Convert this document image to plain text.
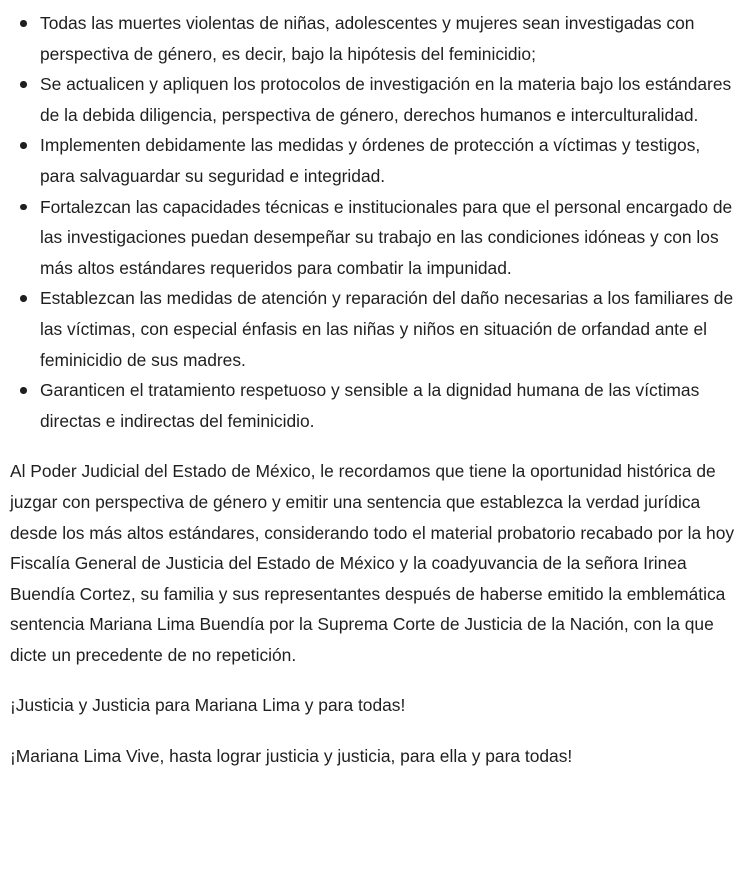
Todas las muertes violentas de niñas, adolescentes y mujeres sean investigadas con perspectiva de género, es decir, bajo la hipótesis del feminicidio;
Se actualicen y apliquen los protocolos de investigación en la materia bajo los estándares de la debida diligencia, perspectiva de género, derechos humanos e interculturalidad.
Implementen debidamente las medidas y órdenes de protección a víctimas y testigos, para salvaguardar su seguridad e integridad.
Fortalezcan las capacidades técnicas e institucionales para que el personal encargado de las investigaciones puedan desempeñar su trabajo en las condiciones idóneas y con los más altos estándares requeridos para combatir la impunidad.
Establezcan las medidas de atención y reparación del daño necesarias a los familiares de las víctimas, con especial énfasis en las niñas y niños en situación de orfandad ante el feminicidio de sus madres.
Garanticen el tratamiento respetuoso y sensible a la dignidad humana de las víctimas directas e indirectas del feminicidio.

Al Poder Judicial del Estado de México, le recordamos que tiene la oportunidad histórica de juzgar con perspectiva de género y emitir una sentencia que establezca la verdad jurídica desde los más altos estándares, considerando todo el material probatorio recabado por la hoy Fiscalía General de Justicia del Estado de México y la coadyuvancia de la señora Irinea Buendía Cortez, su familia y sus representantes después de haberse emitido la emblemática sentencia Mariana Lima Buendía por la Suprema Corte de Justicia de la Nación, con la que dicte un precedente de no repetición.

¡Justicia y Justicia para Mariana Lima y para todas!

¡Mariana Lima Vive, hasta lograr justicia y justicia, para ella y para todas!
